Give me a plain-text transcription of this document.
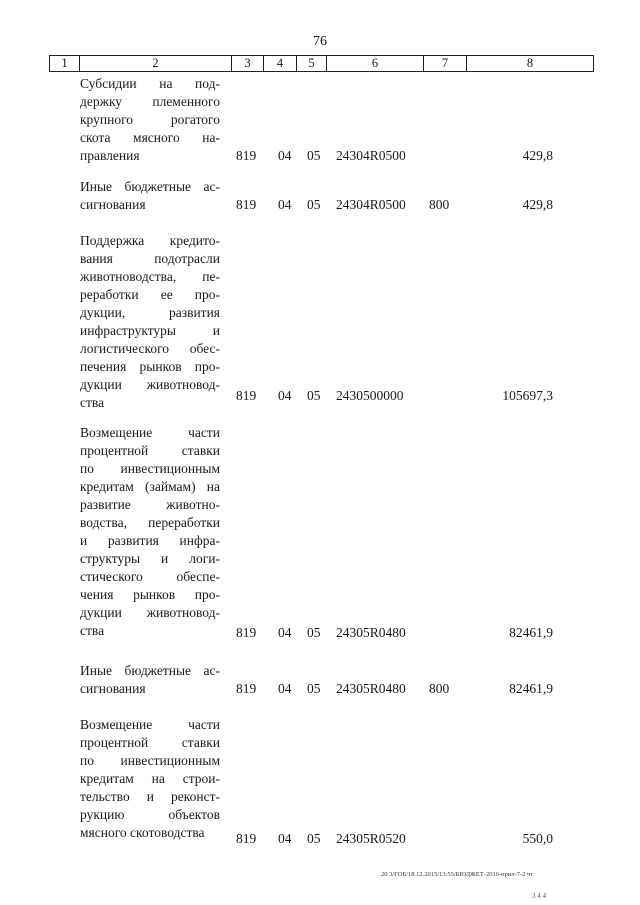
76
1	2	3	4	5	6	7	8
Субсидии на под-
держку племенного
крупного рогатого
скота мясного на-
правления	819 04 05 24304R0500	429,8
Иные бюджетные ас-
сигнования	819 04 05 24304R0500 800	429,8
Поддержка кредито-
вания подотрасли
животноводства, пе-
реработки ее про-
дукции, развития
инфраструктуры и
логистического обес-
печения рынков про-
дукции животновод-
ства	819 04 05 2430500000	105697,3
Возмещение части
процентной ставки
по инвестиционным
кредитам (займам) на
развитие животно-
водства, переработки
и развития инфра-
структуры и логи-
стического обеспе-
чения рынков про-
дукции животновод-
ства	819 04 05 24305R0480	82461,9
Иные бюджетные ас-
сигнования	819 04 05 24305R0480 800	82461,9
Возмещение части
процентной ставки
по инвестиционным
кредитам на строи-
тельство и реконст-
рукцию объектов
мясного скотоводства	819 04 05 24305R0520	550,0
20 3/ГОБ/18.12.2015/13:55/БЮДЖЕТ-2016-прил-7-2 чт
3 4 4
